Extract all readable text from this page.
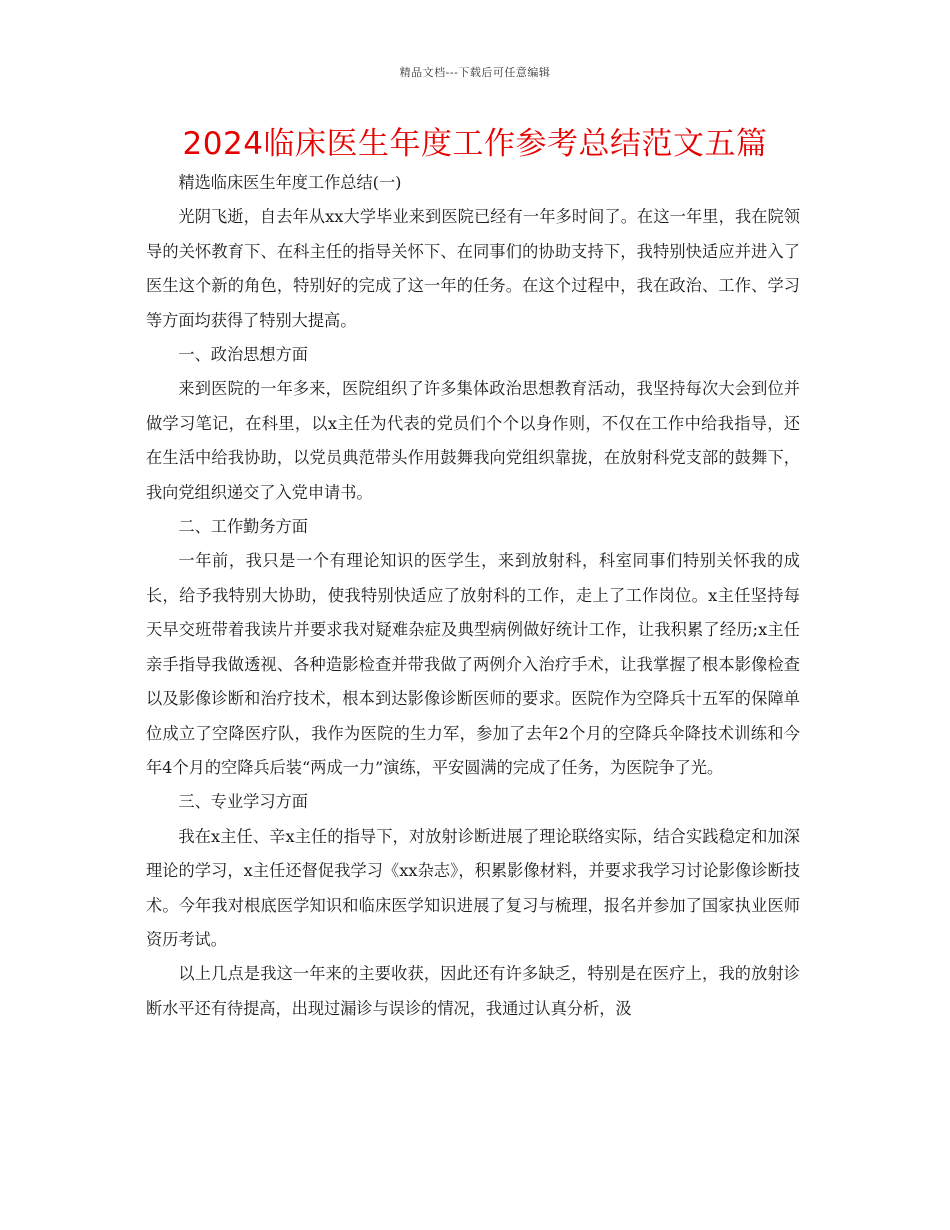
精品文档---下载后可任意编辑
2024临床医生年度工作参考总结范文五篇

精选临床医生年度工作总结(一)

光阴飞逝，自去年从xx大学毕业来到医院已经有一年多时间了。在这一年里，我在院领导的关怀教育下、在科主任的指导关怀下、在同事们的协助支持下，我特别快适应并进入了医生这个新的角色，特别好的完成了这一年的任务。在这个过程中，我在政治、工作、学习等方面均获得了特别大提高。

一、政治思想方面

来到医院的一年多来，医院组织了许多集体政治思想教育活动，我坚持每次大会到位并做学习笔记，在科里，以x主任为代表的党员们个个以身作则，不仅在工作中给我指导，还在生活中给我协助，以党员典范带头作用鼓舞我向党组织靠拢，在放射科党支部的鼓舞下，我向党组织递交了入党申请书。

二、工作勤务方面

一年前，我只是一个有理论知识的医学生，来到放射科，科室同事们特别关怀我的成长，给予我特别大协助，使我特别快适应了放射科的工作，走上了工作岗位。x主任坚持每天早交班带着我读片并要求我对疑难杂症及典型病例做好统计工作，让我积累了经历;x主任亲手指导我做透视、各种造影检查并带我做了两例介入治疗手术，让我掌握了根本影像检查以及影像诊断和治疗技术，根本到达影像诊断医师的要求。医院作为空降兵十五军的保障单位成立了空降医疗队，我作为医院的生力军，参加了去年2个月的空降兵伞降技术训练和今年4个月的空降兵后装“两成一力”演练，平安圆满的完成了任务，为医院争了光。

三、专业学习方面

我在x主任、辛x主任的指导下，对放射诊断进展了理论联络实际，结合实践稳定和加深理论的学习，x主任还督促我学习《xx杂志》，积累影像材料，并要求我学习讨论影像诊断技术。今年我对根底医学知识和临床医学知识进展了复习与梳理，报名并参加了国家执业医师资历考试。

以上几点是我这一年来的主要收获，因此还有许多缺乏，特别是在医疗上，我的放射诊断水平还有待提高，出现过漏诊与误诊的情况，我通过认真分析，汲
